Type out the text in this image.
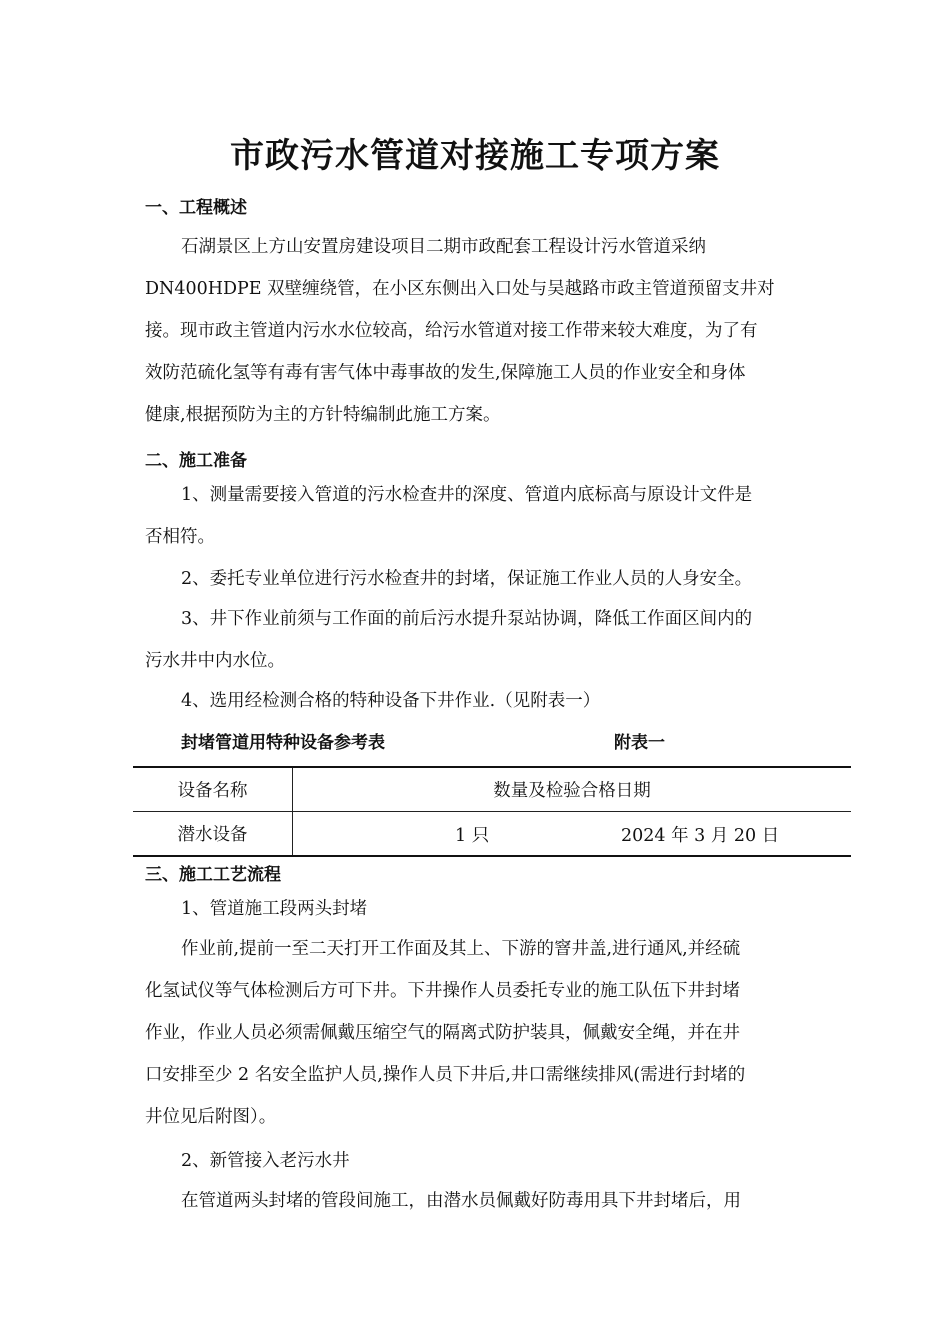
市政污水管道对接施工专项方案
一、工程概述
石湖景区上方山安置房建设项目二期市政配套工程设计污水管道采纳
DN400HDPE 双壁缠绕管，在小区东侧出入口处与吴越路市政主管道预留支井对
接。现市政主管道内污水水位较高，给污水管道对接工作带来较大难度，为了有
效防范硫化氢等有毒有害气体中毒事故的发生,保障施工人员的作业安全和身体
健康,根据预防为主的方针特编制此施工方案。
二、施工准备
1、测量需要接入管道的污水检查井的深度、管道内底标高与原设计文件是
否相符。
2、委托专业单位进行污水检查井的封堵，保证施工作业人员的人身安全。
3、井下作业前须与工作面的前后污水提升泵站协调，降低工作面区间内的
污水井中内水位。
4、选用经检测合格的特种设备下井作业.（见附表一）
封堵管道用特种设备参考表	附表一
设备名称	数量及检验合格日期
潜水设备	1 只 2024 年 3 月 20 日
三、施工工艺流程
1、管道施工段两头封堵
作业前,提前一至二天打开工作面及其上、下游的窨井盖,进行通风,并经硫
化氢试仪等气体检测后方可下井。下井操作人员委托专业的施工队伍下井封堵
作业，作业人员必须需佩戴压缩空气的隔离式防护装具，佩戴安全绳，并在井
口安排至少 2 名安全监护人员,操作人员下井后,井口需继续排风(需进行封堵的
井位见后附图）。
2、新管接入老污水井
在管道两头封堵的管段间施工，由潜水员佩戴好防毒用具下井封堵后，用
